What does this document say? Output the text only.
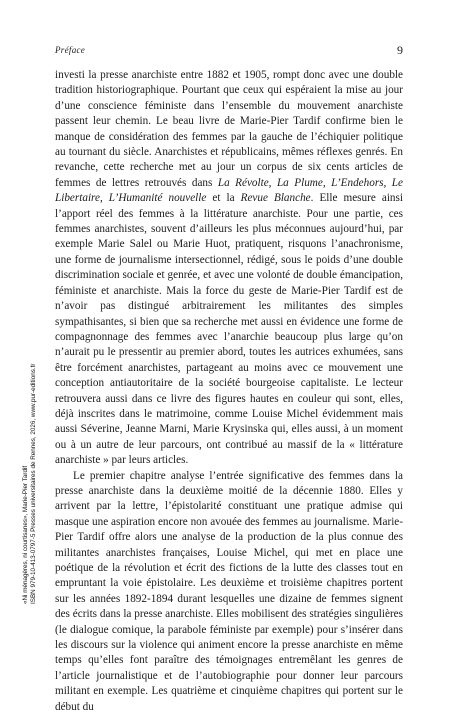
Préface	9

investi la presse anarchiste entre 1882 et 1905, rompt donc avec une double tradition historiographique. Pourtant que ceux qui espéraient la mise au jour d’une conscience féministe dans l’ensemble du mouvement anarchiste passent leur chemin. Le beau livre de Marie-Pier Tardif confirme bien le manque de considération des femmes par la gauche de l’échiquier politique au tournant du siècle. Anarchistes et républicains, mêmes réflexes genrés. En revanche, cette recherche met au jour un corpus de six cents articles de femmes de lettres retrouvés dans La Révolte, La Plume, L’Endehors, Le Libertaire, L’Humanité nouvelle et la Revue Blanche. Elle mesure ainsi l’apport réel des femmes à la littérature anarchiste. Pour une partie, ces femmes anarchistes, souvent d’ailleurs les plus méconnues aujourd’hui, par exemple Marie Salel ou Marie Huot, pratiquent, risquons l’anachronisme, une forme de journalisme intersectionnel, rédigé, sous le poids d’une double discrimination sociale et genrée, et avec une volonté de double émancipation, féministe et anarchiste. Mais la force du geste de Marie-Pier Tardif est de n’avoir pas distingué arbitrairement les militantes des simples sympathisantes, si bien que sa recherche met aussi en évidence une forme de compagnonnage des femmes avec l’anarchie beaucoup plus large qu’on n’aurait pu le pressentir au premier abord, toutes les autrices exhumées, sans être forcément anarchistes, partageant au moins avec ce mouvement une conception antiautoritaire de la société bourgeoise capitaliste. Le lecteur retrouvera aussi dans ce livre des figures hautes en couleur qui sont, elles, déjà inscrites dans le matrimoine, comme Louise Michel évidemment mais aussi Séverine, Jeanne Marni, Marie Krysinska qui, elles aussi, à un moment ou à un autre de leur parcours, ont contribué au massif de la « littérature anarchiste » par leurs articles.

Le premier chapitre analyse l’entrée significative des femmes dans la presse anarchiste dans la deuxième moitié de la décennie 1880. Elles y arrivent par la lettre, l’épistolarité constituant une pratique admise qui masque une aspiration encore non avouée des femmes au journalisme. Marie-Pier Tardif offre alors une analyse de la production de la plus connue des militantes anarchistes françaises, Louise Michel, qui met en place une poétique de la révolution et écrit des fictions de la lutte des classes tout en empruntant la voie épistolaire. Les deuxième et troisième chapitres portent sur les années 1892-1894 durant lesquelles une dizaine de femmes signent des écrits dans la presse anarchiste. Elles mobilisent des stratégies singulières (le dialogue comique, la parabole féministe par exemple) pour s’insérer dans les discours sur la violence qui animent encore la presse anarchiste en même temps qu’elles font paraître des témoignages entremêlant les genres de l’article journalistique et de l’autobiographie pour donner leur parcours militant en exemple. Les quatrième et cinquième chapitres qui portent sur le début du

«Ni ménagères, ni courtisanes», Marie-Pier Tardif ISBN 979-10-413-0797-5 Presses universitaires de Rennes, 2026, www.pur-editions.fr
